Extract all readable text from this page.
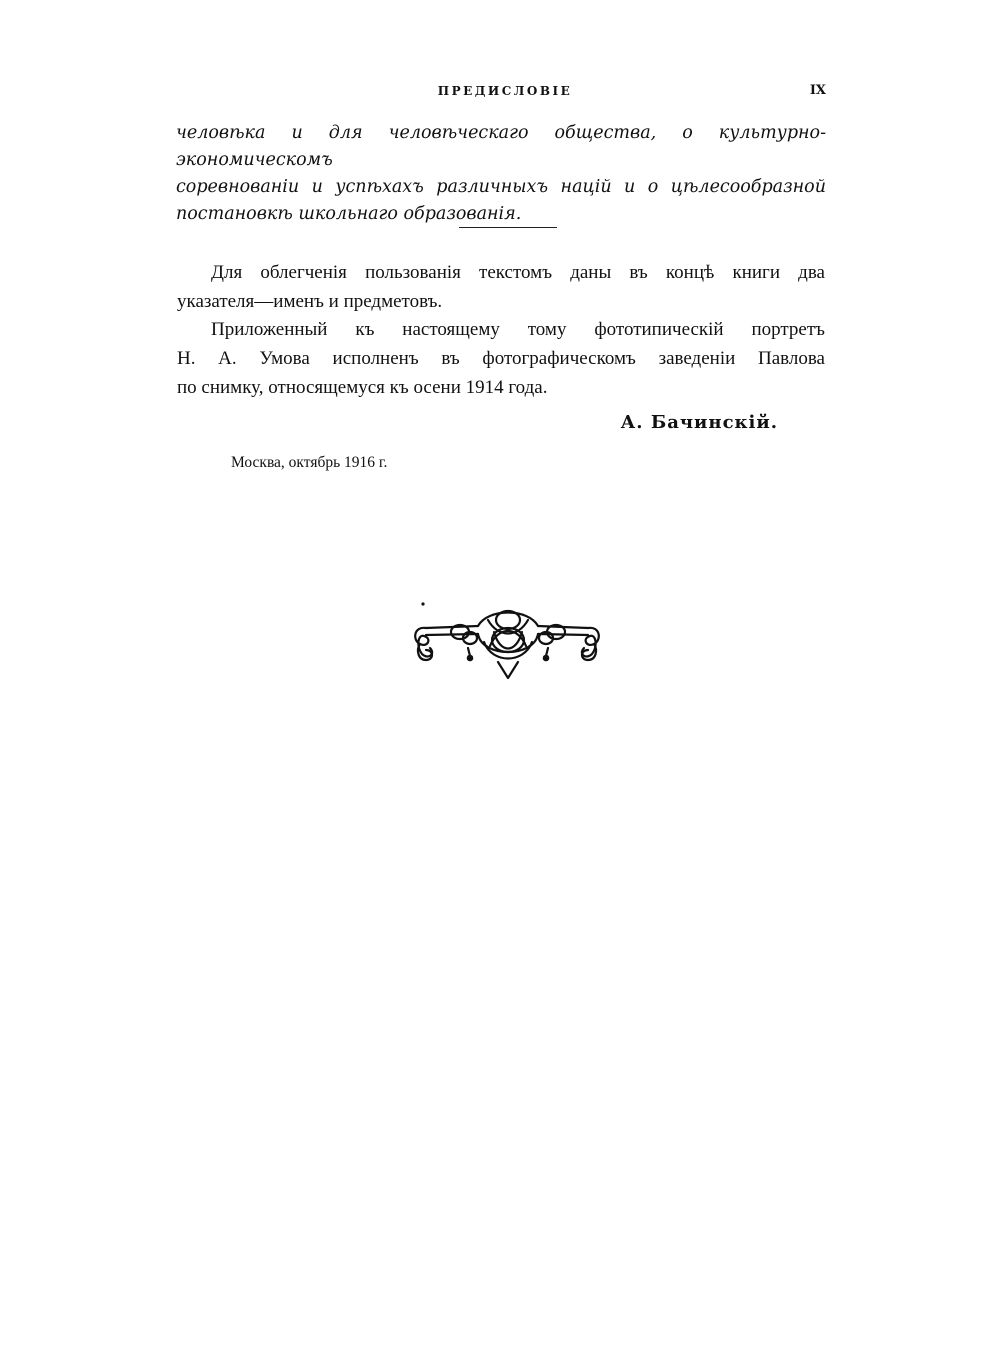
ПРЕДИСЛОВІЕ	IX
человѣка и для человѣческаго общества, о культурно-экономическомъ
соревнованіи и успѣхахъ различныхъ націй и о цѣлесообразной
постановкѣ школьнаго образованія.
Для облегченія пользованія текстомъ даны въ концѣ книги два
указателя—именъ и предметовъ.
Приложенный къ настоящему тому фототипическій портретъ
Н. А. Умова исполненъ въ фотографическомъ заведеніи Павлова
по снимку, относящемуся къ осени 1914 года.
А. Бачинскій.
Москва, октябрь 1916 г.
